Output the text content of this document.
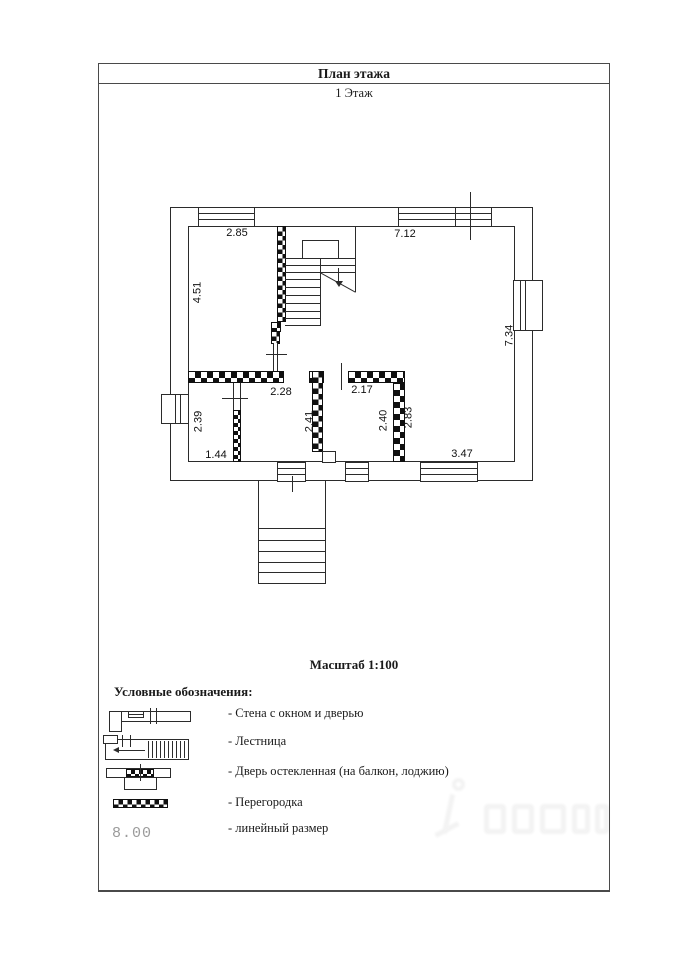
План этажа
1 Этаж
2.85	7.12
4.51
7.34
2.28	2.17
2.39	2.41	2.40 2.83
1.44	3.47
Масштаб 1:100
Условные обозначения:
- Стена с окном и дверью
- Лестница
- Дверь остекленная (на балкон, лоджию)
- Перегородка
8.00	- линейный размер
